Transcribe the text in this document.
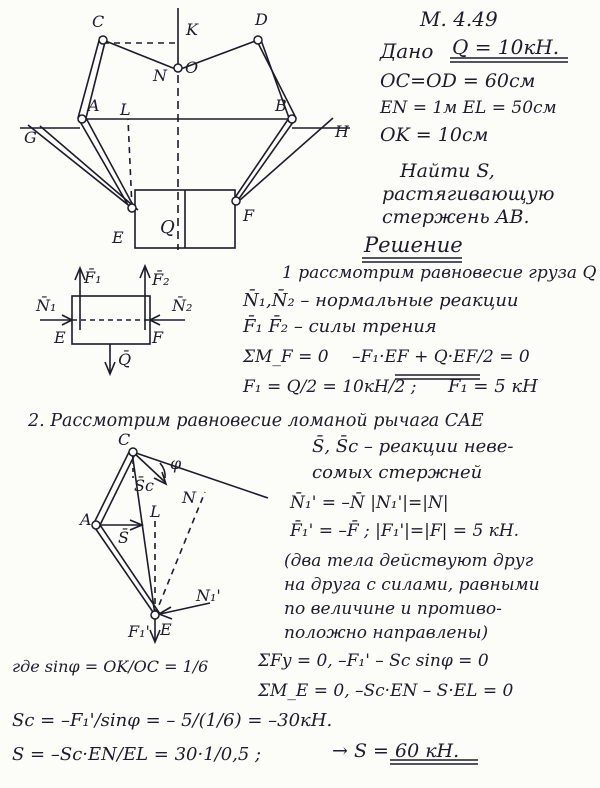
C	K
D
N O
A L	B
G	H
E
F
Q
F̄₁	F̄₂
N̄₁	N̄₂
E	F
Q̄
C
φ
S̄c
N
A	L
S̄
N₁'
F₁' E
М. 4.49
Дано Q = 10кН.
OC=OD = 60см
EN = 1м EL = 50см
OK = 10см
Найти S,
растягивающую
стержень AB.
Решение
1 рассмотрим равновесие груза Q
N̄₁,N̄₂ – нормальные реакции
F̄₁ F̄₂ – силы трения
ΣM_F = 0 –F₁·EF + Q·EF/2 = 0
F₁ = Q/2 = 10кН/2 ; F₁ = 5 кН
2. Рассмотрим равновесие ломаной рычага CAE
S̄, S̄c – реакции неве-
сомых стержней
N̄₁' = –N̄ |N₁'|=|N|
F̄₁' = –F̄ ; |F₁'|=|F| = 5 кН.
(два тела действуют друг
на друга с силами, равными
по величине и противо-
положно направлены)
где sinφ = OK/OC = 1/6	ΣFy = 0, –F₁' – Sc sinφ = 0
ΣM_E = 0, –Sc·EN – S·EL = 0
Sc = –F₁'/sinφ = – 5/(1/6) = –30кН.
S = –Sc·EN/EL = 30·1/0,5 ;	→ S = 60 кН.
